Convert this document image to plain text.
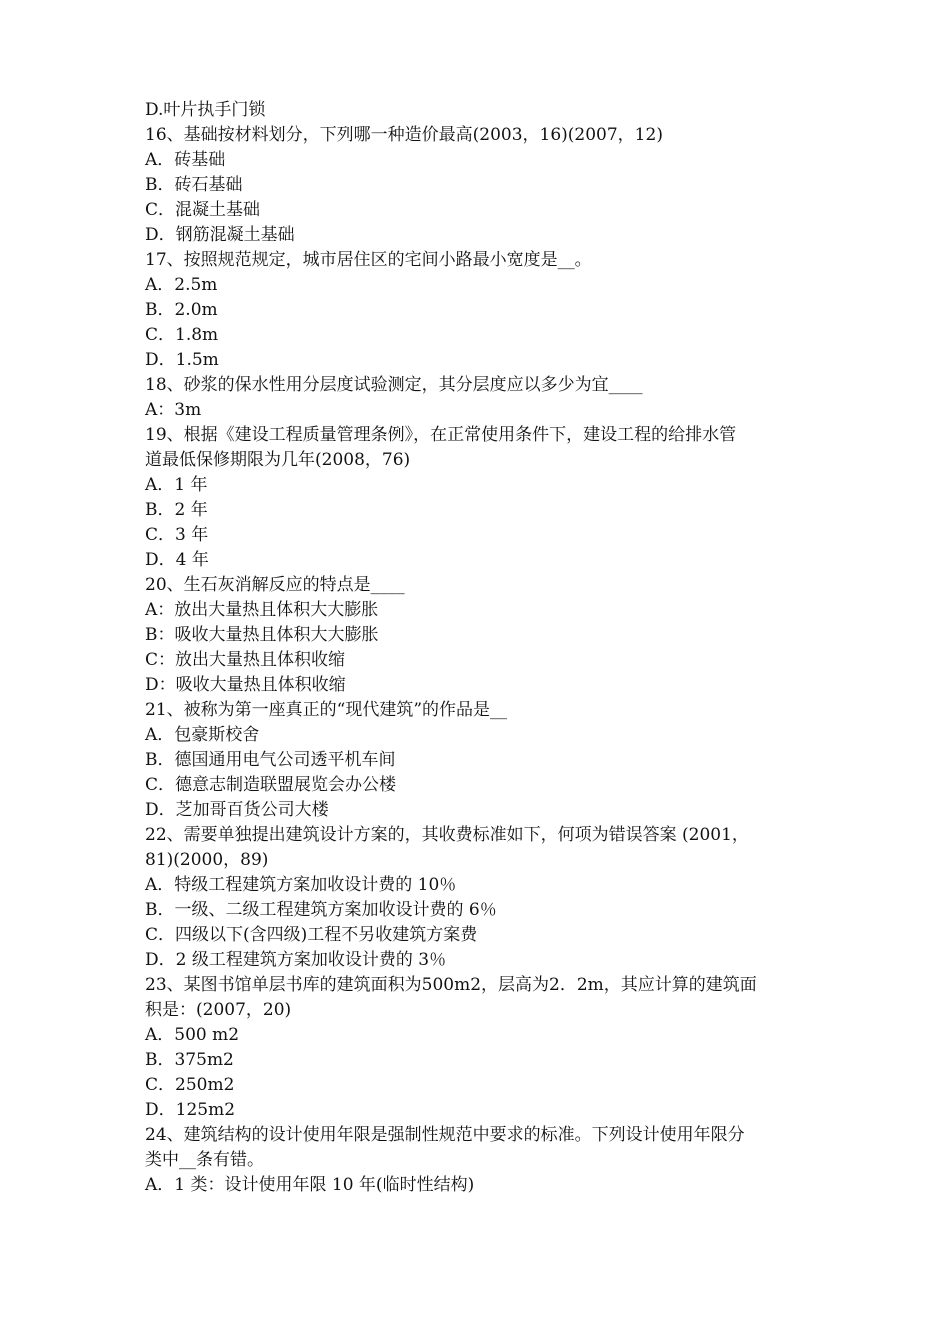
D.叶片执手门锁
16、基础按材料划分，下列哪一种造价最高(2003，16)(2007，12)
A．砖基础
B．砖石基础
C．混凝土基础
D．钢筋混凝土基础
17、按照规范规定，城市居住区的宅间小路最小宽度是__。
A．2.5m
B．2.0m
C．1.8m
D．1.5m
18、砂浆的保水性用分层度试验测定，其分层度应以多少为宜____
A：3m
19、根据《建设工程质量管理条例》，在正常使用条件下，建设工程的给排水管
道最低保修期限为几年(2008，76)
A．1 年
B．2 年
C．3 年
D．4 年
20、生石灰消解反应的特点是____
A：放出大量热且体积大大膨胀
B：吸收大量热且体积大大膨胀
C：放出大量热且体积收缩
D：吸收大量热且体积收缩
21、被称为第一座真正的“现代建筑”的作品是__
A．包豪斯校舍
B．德国通用电气公司透平机车间
C．德意志制造联盟展览会办公楼
D．芝加哥百货公司大楼
22、需要单独提出建筑设计方案的，其收费标准如下，何项为错误答案 (2001，
81)(2000，89)
A．特级工程建筑方案加收设计费的 10％
B．一级、二级工程建筑方案加收设计费的 6％
C．四级以下(含四级)工程不另收建筑方案费
D．2 级工程建筑方案加收设计费的 3％
23、某图书馆单层书库的建筑面积为500m2，层高为2．2m，其应计算的建筑面
积是：(2007，20)
A．500 m2
B．375m2
C．250m2
D．125m2
24、建筑结构的设计使用年限是强制性规范中要求的标准。下列设计使用年限分
类中__条有错。
A．1 类：设计使用年限 10 年(临时性结构)
